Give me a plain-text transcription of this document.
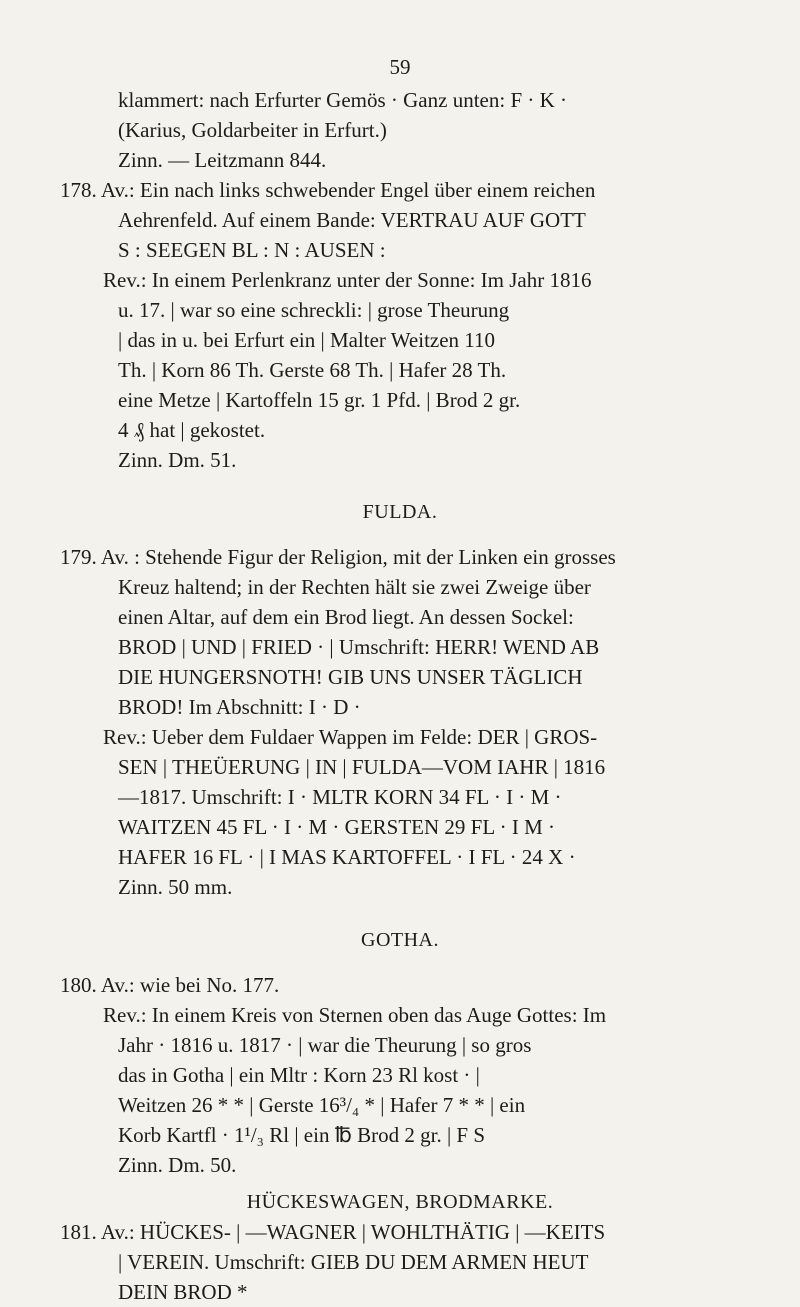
59
klammert: nach Erfurter Gemös · Ganz unten: F · K ·
(Karius, Goldarbeiter in Erfurt.)
Zinn. — Leitzmann 844.
178. Av.: Ein nach links schwebender Engel über einem reichen
Aehrenfeld. Auf einem Bande: VERTRAU AUF GOTT
S : SEEGEN BL : N : AUSEN :
Rev.: In einem Perlenkranz unter der Sonne: Im Jahr 1816
u. 17. | war so eine schreckli: | grose Theurung
| das in u. bei Erfurt ein | Malter Weitzen 110
Th. | Korn 86 Th. Gerste 68 Th. | Hafer 28 Th.
eine Metze | Kartoffeln 15 gr. 1 Pfd. | Brod 2 gr.
4 ₰ hat | gekostet.
Zinn. Dm. 51.
179. Av. : Stehende Figur der Religion, mit der Linken ein grosses
Kreuz haltend; in der Rechten hält sie zwei Zweige über
einen Altar, auf dem ein Brod liegt. An dessen Sockel:
BROD | UND | FRIED · | Umschrift: HERR! WEND AB
DIE HUNGERSNOTH! GIB UNS UNSER TÄGLICH
BROD! Im Abschnitt: I · D ·
Rev.: Ueber dem Fuldaer Wappen im Felde: DER | GROS-
SEN | THEÜERUNG | IN | FULDA—VOM IAHR | 1816
—1817. Umschrift: I · MLTR KORN 34 FL · I · M ·
WAITZEN 45 FL · I · M · GERSTEN 29 FL · I M ·
HAFER 16 FL · | I MAS KARTOFFEL · I FL · 24 X ·
Zinn. 50 mm.
180. Av.: wie bei No. 177.
Rev.: In einem Kreis von Sternen oben das Auge Gottes: Im
Jahr · 1816 u. 1817 · | war die Theurung | so gros
das in Gotha | ein Mltr : Korn 23 Rl kost · |
Weitzen 26 * * | Gerste 16³/₄ * | Hafer 7 * * | ein
Korb Kartfl · 1¹/₃ Rl | ein ℔ Brod 2 gr. | F S
Zinn. Dm. 50.
181. Av.: HÜCKES- | —WAGNER | WOHLTHÄTIG | —KEITS
FULDA.
GOTHA.
HÜCKESWAGEN, BRODMARKE.
| VEREIN. Umschrift: GIEB DU DEM ARMEN HEUT
DEIN BROD *
